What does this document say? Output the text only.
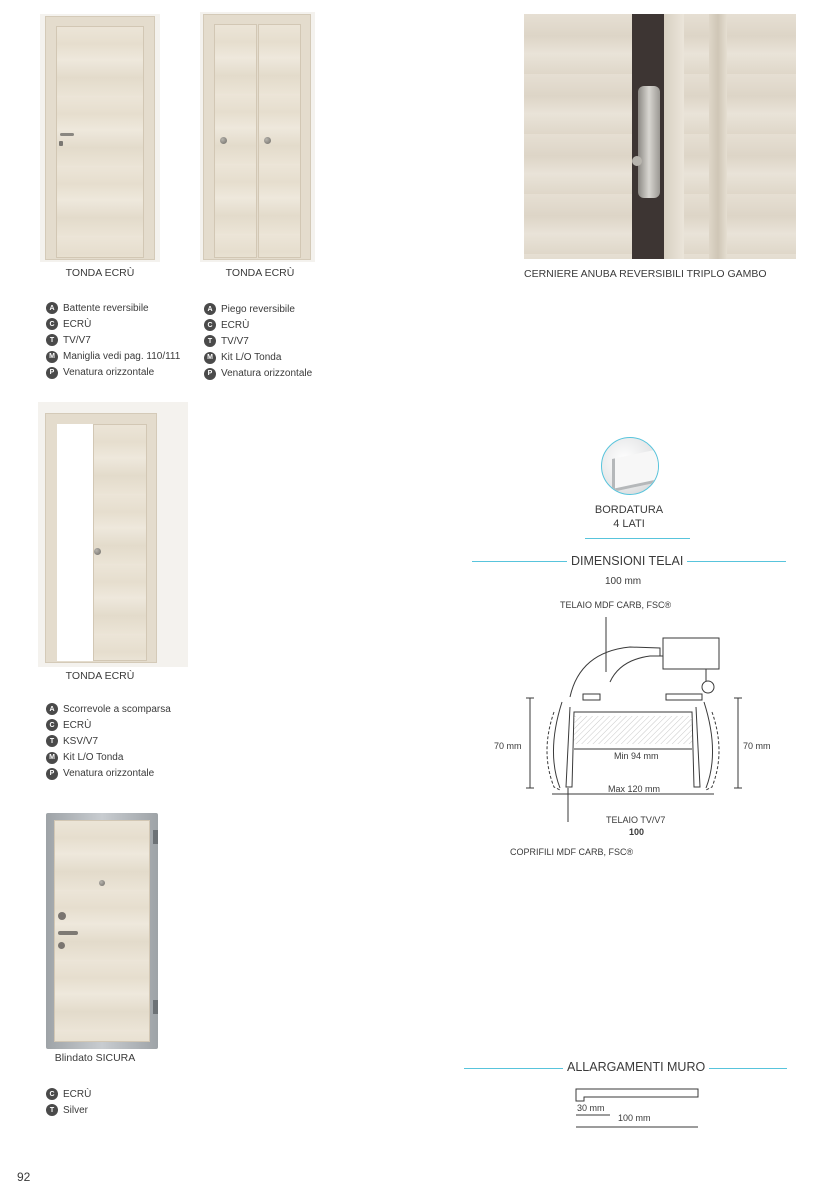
TONDA ECRÙ
A Battente reversibile
C ECRÙ
T TV/V7
M Maniglia vedi pag. 110/111
P Venatura orizzontale
TONDA ECRÙ
A Piego reversibile
C ECRÙ
T TV/V7
M Kit L/O Tonda
P Venatura orizzontale
CERNIERE ANUBA REVERSIBILI TRIPLO GAMBO
TONDA ECRÙ
A Scorrevole a scomparsa
C ECRÙ
T KSV/V7
M Kit L/O Tonda
P Venatura orizzontale
Blindato SICURA
C ECRÙ
T Silver
BORDATURA
4 LATI
DIMENSIONI TELAI
100 mm
TELAIO MDF CARB, FSC®
70 mm	70 mm
Min 94 mm
Max 120 mm
TELAIO TV/V7
100
COPRIFILI MDF CARB, FSC®
ALLARGAMENTI MURO
30 mm
100 mm
92
